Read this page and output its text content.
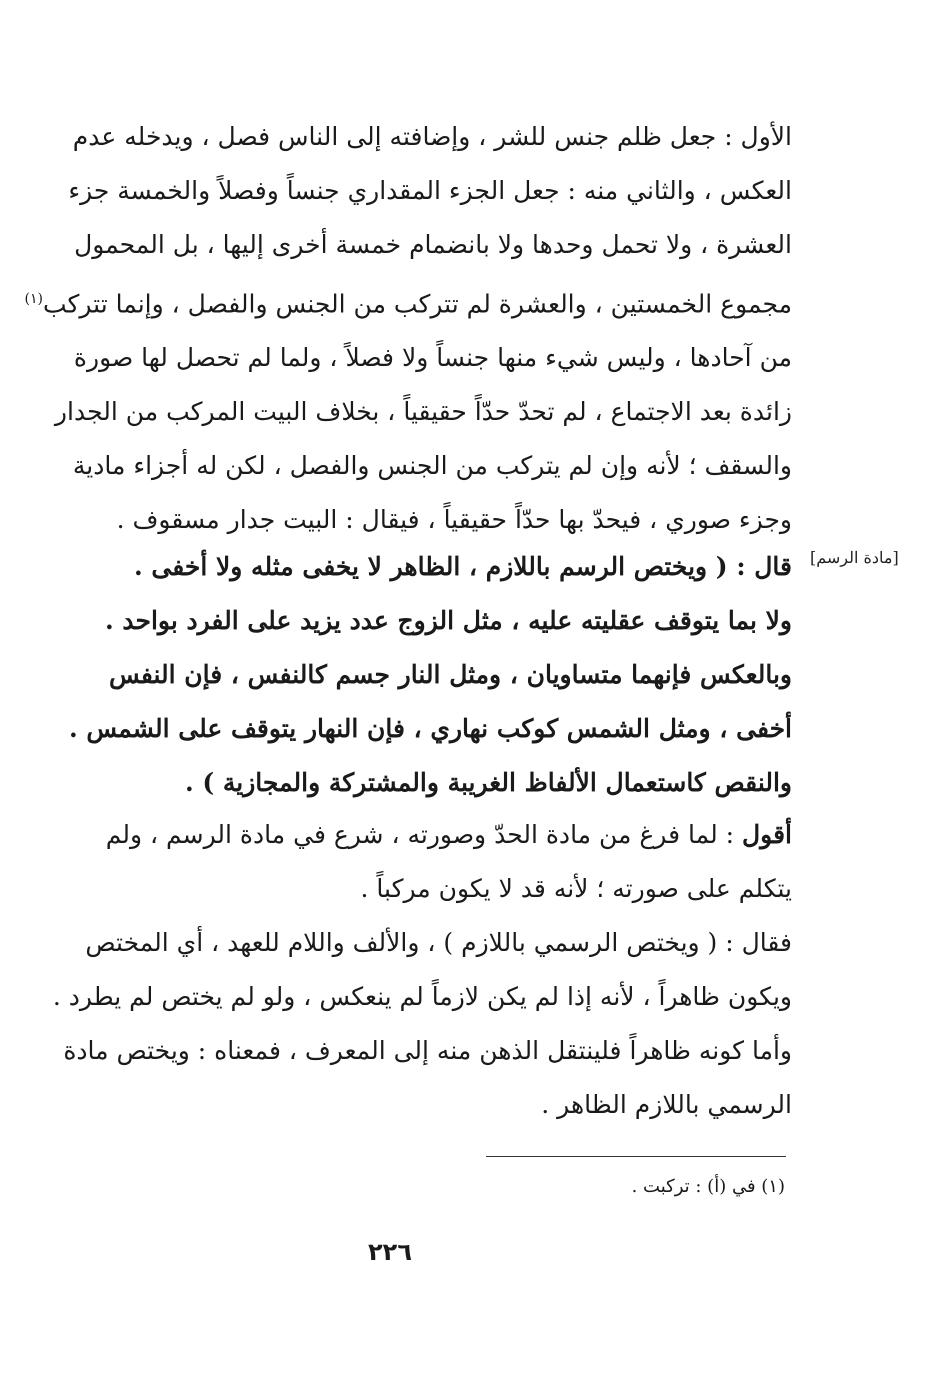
[مادة الرسم]
الأول : جعل ظلم جنس للشر ، وإضافته إلى الناس فصل ، ويدخله عدم
العكس ، والثاني منه : جعل الجزء المقداري جنساً وفصلاً والخمسة جزء
العشرة ، ولا تحمل وحدها ولا بانضمام خمسة أخرى إليها ، بل المحمول
مجموع الخمستين ، والعشرة لم تتركب من الجنس والفصل ، وإنما تتركب$^{(١)}$
من آحادها ، وليس شيء منها جنساً ولا فصلاً ، ولما لم تحصل لها صورة
زائدة بعد الاجتماع ، لم تحدّ حدّاً حقيقياً ، بخلاف البيت المركب من الجدار
والسقف ؛ لأنه وإن لم يتركب من الجنس والفصل ، لكن له أجزاء مادية
وجزء صوري ، فيحدّ بها حدّاً حقيقياً ، فيقال : البيت جدار مسقوف .
قال : ( ويختص الرسم باللازم ، الظاهر لا يخفى مثله ولا أخفى .
ولا بما يتوقف عقليته عليه ، مثل الزوج عدد يزيد على الفرد بواحد .
وبالعكس فإنهما متساويان ، ومثل النار جسم كالنفس ، فإن النفس
أخفى ، ومثل الشمس كوكب نهاري ، فإن النهار يتوقف على الشمس .
والنقص كاستعمال الألفاظ الغريبة والمشتركة والمجازية ) .
أقول : لما فرغ من مادة الحدّ وصورته ، شرع في مادة الرسم ، ولم
يتكلم على صورته ؛ لأنه قد لا يكون مركباً .
فقال : ( ويختص الرسمي باللازم ) ، والألف واللام للعهد ، أي المختص
ويكون ظاهراً ، لأنه إذا لم يكن لازماً لم ينعكس ، ولو لم يختص لم يطرد .
وأما كونه ظاهراً فلينتقل الذهن منه إلى المعرف ، فمعناه : ويختص مادة
الرسمي باللازم الظاهر .
(١) في (أ) : تركبت .
٢٢٦
